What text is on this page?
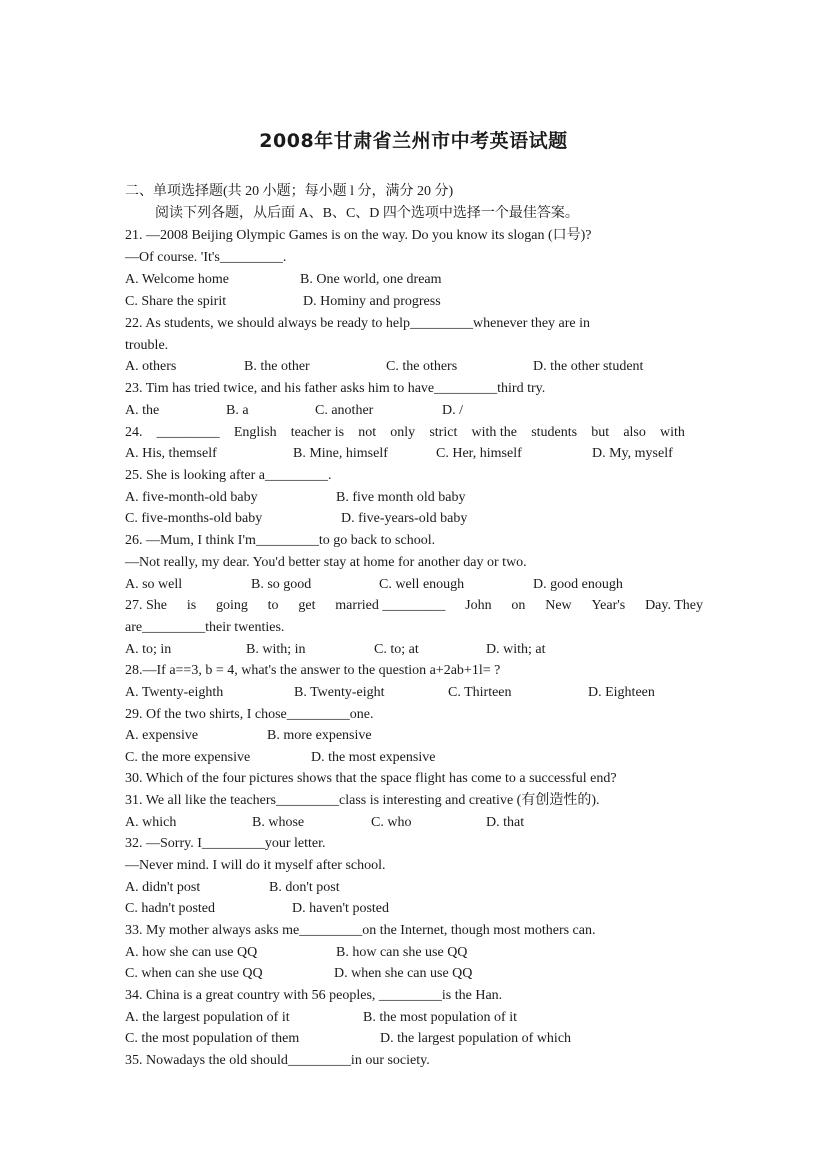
2008年甘肃省兰州市中考英语试题
二、单项选择题(共 20 小题；每小题 l 分，满分 20 分)
阅读下列各题，从后面 A、B、C、D 四个选项中选择一个最佳答案。
21. —2008 Beijing Olympic Games is on the way. Do you know its slogan (口号)?
—Of course. 'It's_________.
A. Welcome home	B. One world, one dream
C. Share the spirit	D. Hominy and progress
22. As students, we should always be ready to help_________whenever they are in
trouble.
A. others	B. the other	C. the others	D. the other student
23. Tim has tried twice, and his father asks him to have_________third try.
A. the	B. a	C. another	D. /
24. _________ English teacher is not only strict with the students but also with
A. His, themself	B. Mine, himself	C. Her, himself	D. My, myself
25. She is looking after a_________.
A. five-month-old baby	B. five month old baby
C. five-months-old baby	D. five-years-old baby
26. —Mum, I think I'm_________to go back to school.
—Not really, my dear. You'd better stay at home for another day or two.
A. so well	B. so good	C. well enough	D. good enough
27. She is going to get married _________ John on New Year's Day. They
are_________their twenties.
A. to; in	B. with; in	C. to; at	D. with; at
28.—If a==3, b = 4, what's the answer to the question a+2ab+1l= ?
A. Twenty-eighth	B. Twenty-eight	C. Thirteen	D. Eighteen
29. Of the two shirts, I chose_________one.
A. expensive	B. more expensive
C. the more expensive	D. the most expensive
30. Which of the four pictures shows that the space flight has come to a successful end?
31. We all like the teachers_________class is interesting and creative (有创造性的).
A. which	B. whose	C. who	D. that
32. —Sorry. I_________your letter.
—Never mind. I will do it myself after school.
A. didn't post	B. don't post
C. hadn't posted	D. haven't posted
33. My mother always asks me_________on the Internet, though most mothers can.
A. how she can use QQ	B. how can she use QQ
C. when can she use QQ	D. when she can use QQ
34. China is a great country with 56 peoples, _________is the Han.
A. the largest population of it	B. the most population of it
C. the most population of them	D. the largest population of which
35. Nowadays the old should_________in our society.
